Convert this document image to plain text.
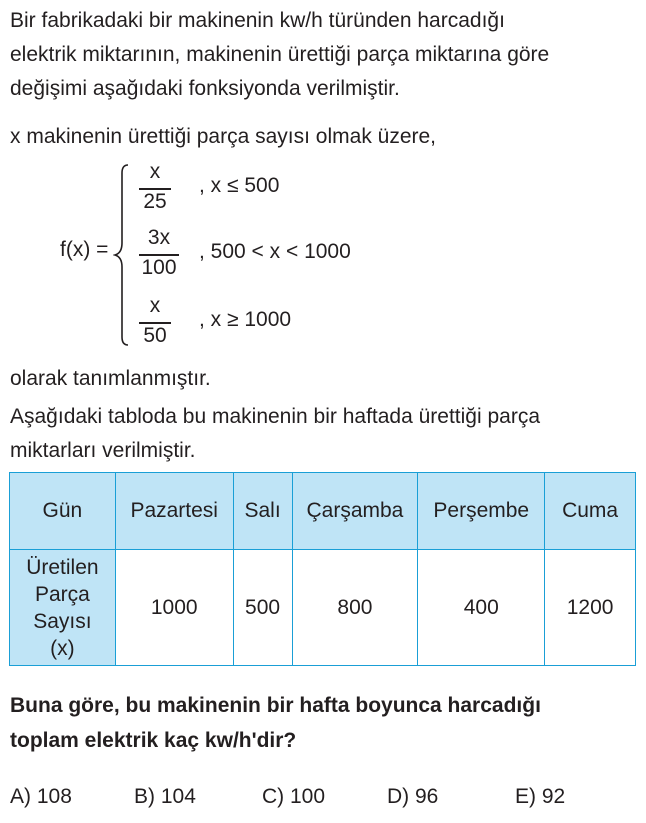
Bir fabrikadaki bir makinenin kw/h türünden harcadığı
elektrik miktarının, makinenin ürettiği parça miktarına göre
değişimi aşağıdaki fonksiyonda verilmiştir.
x makinenin ürettiği parça sayısı olmak üzere,
f(x) =
x
25
, x ≤ 500
3x
100
, 500 < x < 1000
x
50
, x ≥ 1000
olarak tanımlanmıştır.
Aşağıdaki tabloda bu makinenin bir haftada ürettiği parça
miktarları verilmiştir.
Gün	Pazartesi	Salı	Çarşamba	Perşembe	Cuma

Üretilen
Parça
Sayısı
(x)	1000	500	800	400	1200
Buna göre, bu makinenin bir hafta boyunca harcadığı
toplam elektrik kaç kw/h'dir?
A) 108	B) 104	C) 100	D) 96	E) 92
